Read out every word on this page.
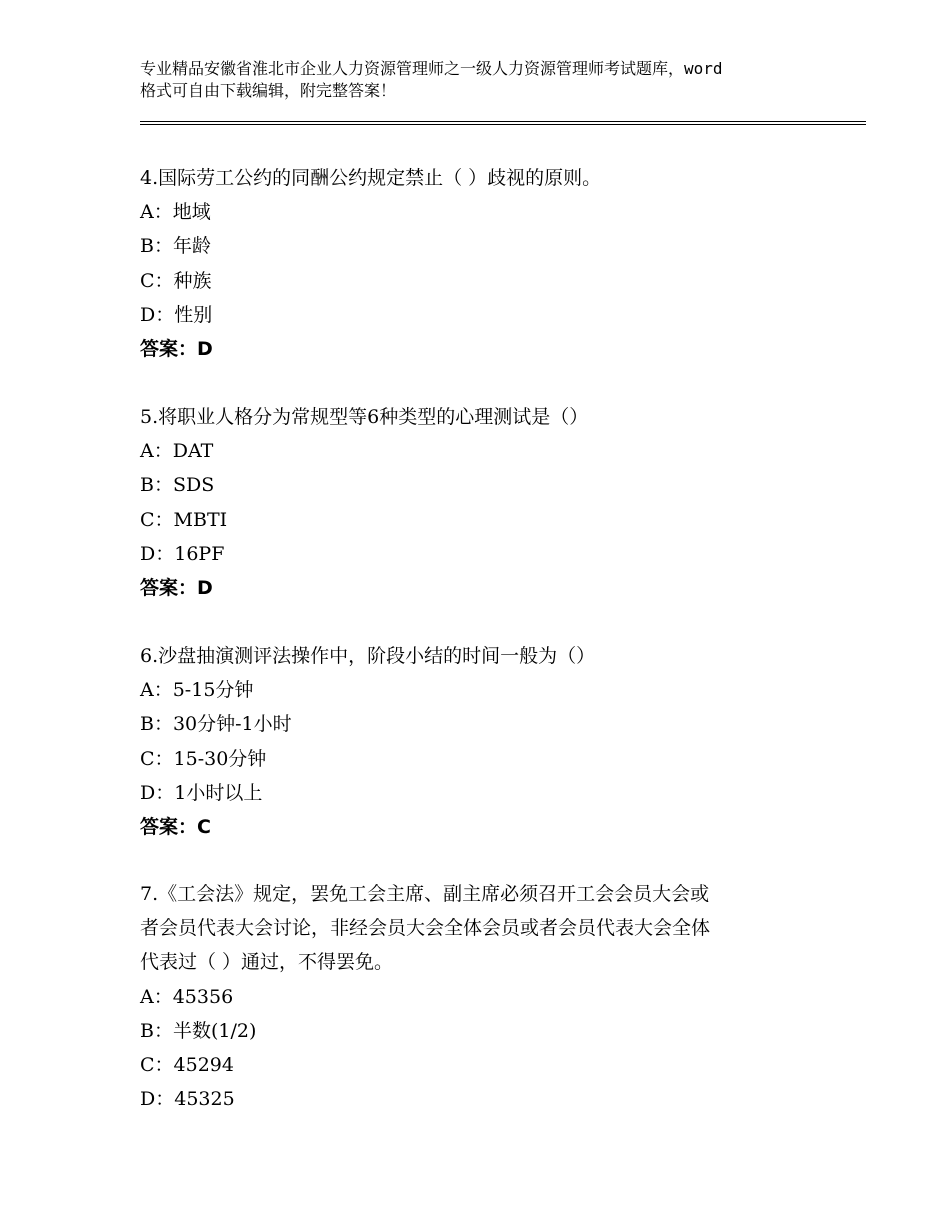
专业精品安徽省淮北市企业人力资源管理师之一级人力资源管理师考试题库，word
格式可自由下载编辑，附完整答案！
4.国际劳工公约的同酬公约规定禁止（ ）歧视的原则。
A：地域
B：年龄
C：种族
D：性别
答案：D
5.将职业人格分为常规型等6种类型的心理测试是（）
A：DAT
B：SDS
C：MBTI
D：16PF
答案：D
6.沙盘抽演测评法操作中，阶段小结的时间一般为（）
A：5-15分钟
B：30分钟-1小时
C：15-30分钟
D：1小时以上
答案：C
7.《工会法》规定，罢免工会主席、副主席必须召开工会会员大会或
者会员代表大会讨论，非经会员大会全体会员或者会员代表大会全体
代表过（ ）通过，不得罢免。
A：45356
B：半数(1/2)
C：45294
D：45325
